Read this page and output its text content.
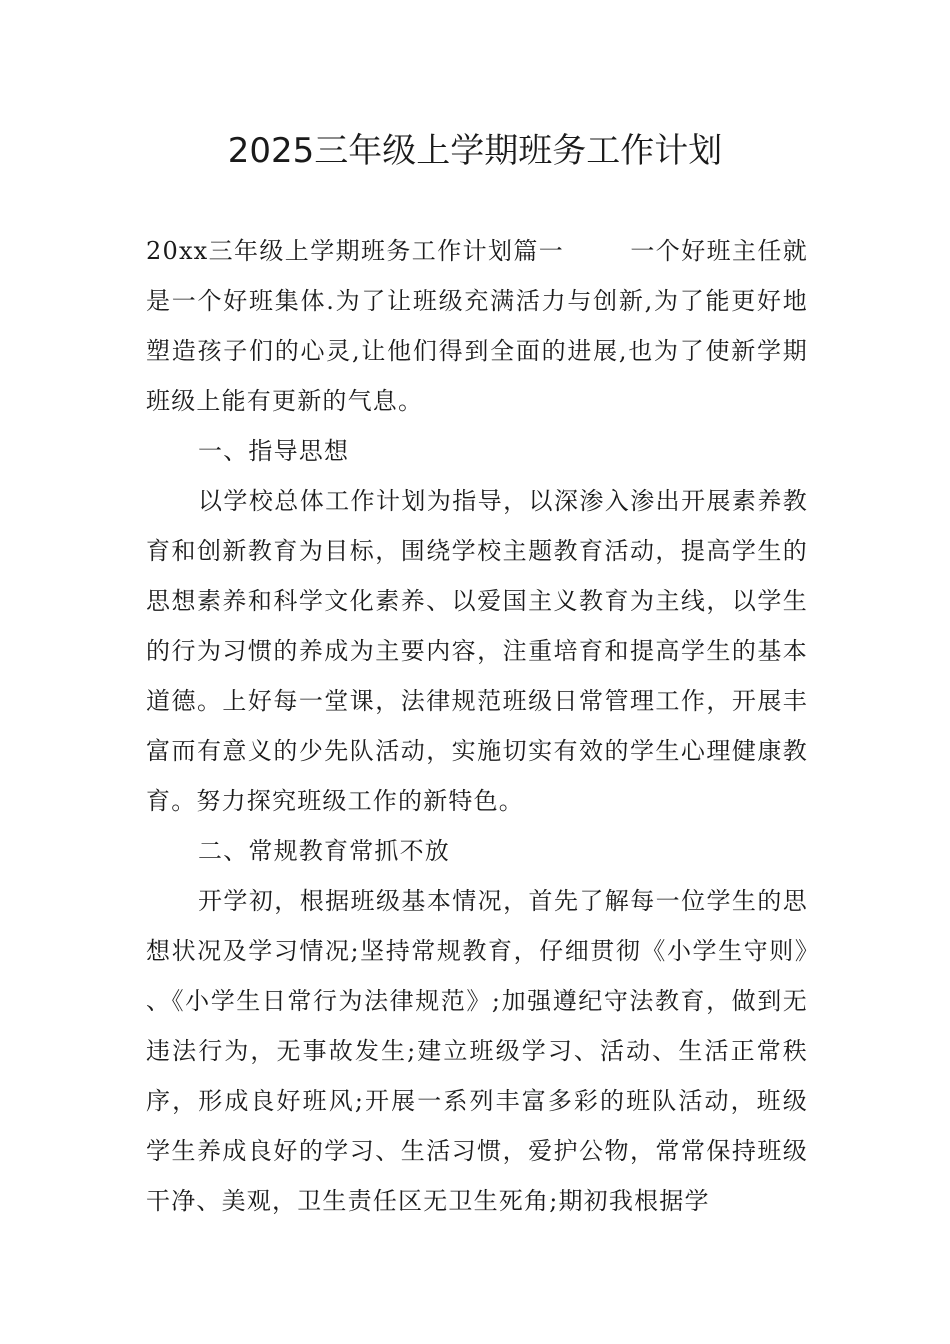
2025三年级上学期班务工作计划

20xx三年级上学期班务工作计划篇一	一个好班主任就是一个好班集体.为了让班级充满活力与创新,为了能更好地塑造孩子们的心灵,让他们得到全面的进展,也为了使新学期班级上能有更新的气息。

一、指导思想

以学校总体工作计划为指导，以深渗入渗出开展素养教育和创新教育为目标，围绕学校主题教育活动，提高学生的思想素养和科学文化素养、以爱国主义教育为主线，以学生的行为习惯的养成为主要内容，注重培育和提高学生的基本道德。上好每一堂课，法律规范班级日常管理工作，开展丰富而有意义的少先队活动，实施切实有效的学生心理健康教育。努力探究班级工作的新特色。

二、常规教育常抓不放

开学初，根据班级基本情况，首先了解每一位学生的思想状况及学习情况;坚持常规教育，仔细贯彻《小学生守则》、《小学生日常行为法律规范》;加强遵纪守法教育，做到无违法行为，无事故发生;建立班级学习、活动、生活正常秩序，形成良好班风;开展一系列丰富多彩的班队活动，班级学生养成良好的学习、生活习惯，爱护公物，常常保持班级干净、美观，卫生责任区无卫生死角;期初我根据学
